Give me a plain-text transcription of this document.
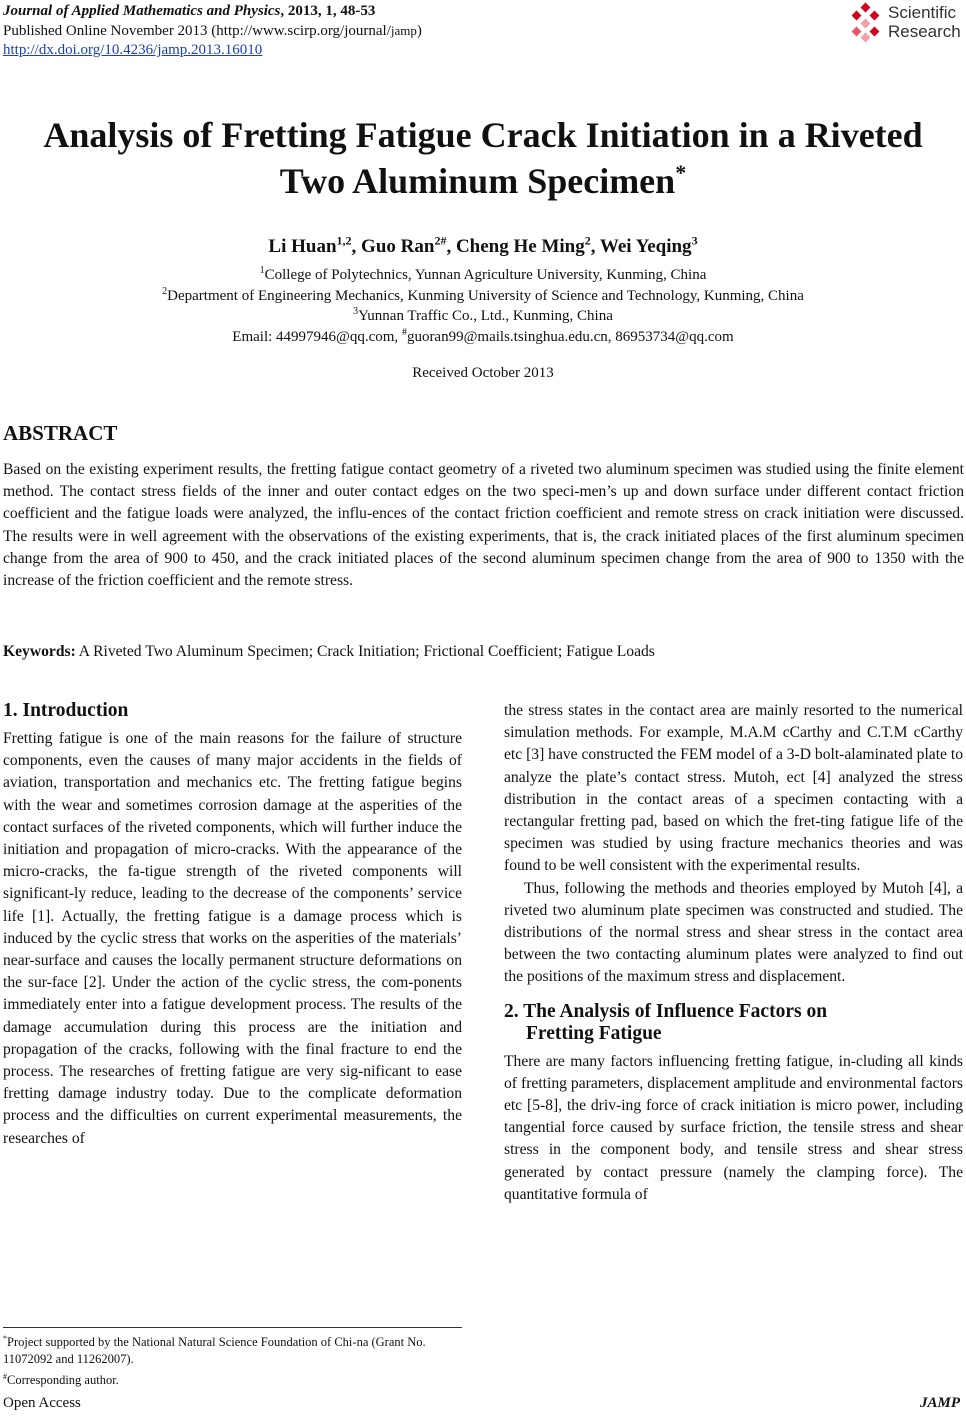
Journal of Applied Mathematics and Physics, 2013, 1, 48-53
Published Online November 2013 (http://www.scirp.org/journal/jamp)
http://dx.doi.org/10.4236/jamp.2013.16010
Scientific
Research
Analysis of Fretting Fatigue Crack Initiation in a Riveted
Two Aluminum Specimen*
Li Huan$^{1,2}$, Guo Ran$^{2\#}$, Cheng He Ming$^2$, Wei Yeqing$^3$
$^1$College of Polytechnics, Yunnan Agriculture University, Kunming, China
$^2$Department of Engineering Mechanics, Kunming University of Science and Technology, Kunming, China
$^3$Yunnan Traffic Co., Ltd., Kunming, China
Email: 44997946@qq.com, #guoran99@mails.tsinghua.edu.cn, 86953734@qq.com
Received October 2013
ABSTRACT
Based on the existing experiment results, the fretting fatigue contact geometry of a riveted two aluminum specimen was studied using the finite element method. The contact stress fields of the inner and outer contact edges on the two speci-men’s up and down surface under different contact friction coefficient and the fatigue loads were analyzed, the influ-ences of the contact friction coefficient and remote stress on crack initiation were discussed. The results were in well agreement with the observations of the existing experiments, that is, the crack initiated places of the first aluminum specimen change from the area of 900 to 450, and the crack initiated places of the second aluminum specimen change from the area of 900 to 1350 with the increase of the friction coefficient and the remote stress.
Keywords: A Riveted Two Aluminum Specimen; Crack Initiation; Frictional Coefficient; Fatigue Loads
1. Introduction

Fretting fatigue is one of the main reasons for the failure of structure components, even the causes of many major accidents in the fields of aviation, transportation and mechanics etc. The fretting fatigue begins with the wear and sometimes corrosion damage at the asperities of the contact surfaces of the riveted components, which will further induce the initiation and propagation of micro-cracks. With the appearance of the micro-cracks, the fa-tigue strength of the riveted components will significant-ly reduce, leading to the decrease of the components’ service life [1]. Actually, the fretting fatigue is a damage process which is induced by the cyclic stress that works on the asperities of the materials’ near-surface and causes the locally permanent structure deformations on the sur-face [2]. Under the action of the cyclic stress, the com-ponents immediately enter into a fatigue development process. The results of the damage accumulation during this process are the initiation and propagation of the cracks, following with the final fracture to end the process. The researches of fretting fatigue are very sig-nificant to ease fretting damage industry today. Due to the complicate deformation process and the difficulties on current experimental measurements, the researches of

the stress states in the contact area are mainly resorted to the numerical simulation methods. For example, M.A.M cCarthy and C.T.M cCarthy etc [3] have constructed the FEM model of a 3-D bolt-alaminated plate to analyze the plate’s contact stress. Mutoh, ect [4] analyzed the stress distribution in the contact areas of a specimen contacting with a rectangular fretting pad, based on which the fret-ting fatigue life of the specimen was studied by using fracture mechanics theories and was found to be well consistent with the experimental results.

Thus, following the methods and theories employed by Mutoh [4], a riveted two aluminum plate specimen was constructed and studied. The distributions of the normal stress and shear stress in the contact area between the two contacting aluminum plates were analyzed to find out the positions of the maximum stress and displacement.

2. The Analysis of Influence Factors on
Fretting Fatigue

There are many factors influencing fretting fatigue, in-cluding all kinds of fretting parameters, displacement amplitude and environmental factors etc [5-8], the driv-ing force of crack initiation is micro power, including tangential force caused by surface friction, the tensile stress and shear stress in the component body, and tensile stress and shear stress generated by contact pressure (namely the clamping force). The quantitative formula of

*Project supported by the National Natural Science Foundation of Chi-na (Grant No. 11072092 and 11262007).
#Corresponding author.
Open Access	JAMP
